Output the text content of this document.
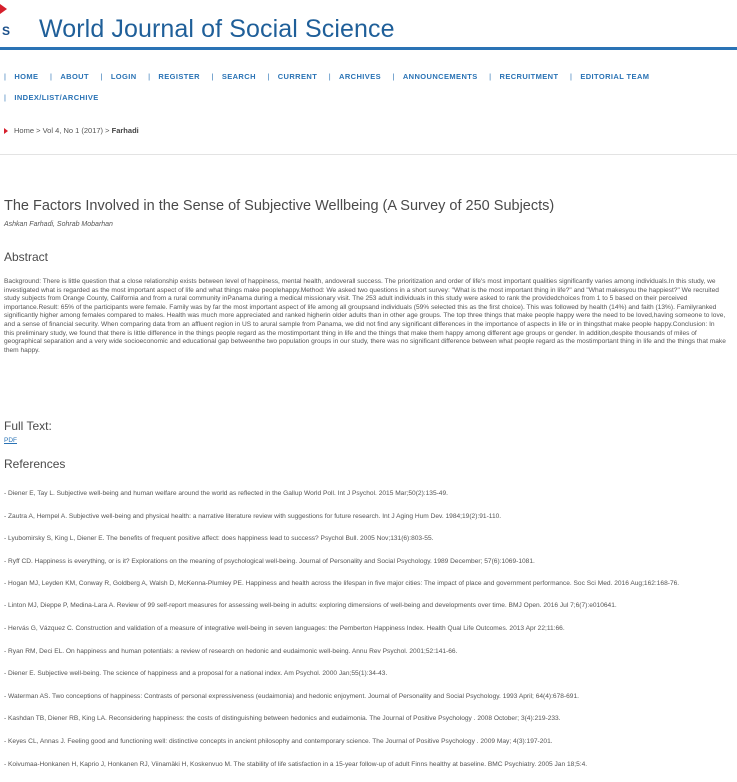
S World Journal of Social Science
| HOME | ABOUT | LOGIN | REGISTER | SEARCH | CURRENT | ARCHIVES | ANNOUNCEMENTS | RECRUITMENT | EDITORIAL TEAM
| INDEX/LIST/ARCHIVE
Home > Vol 4, No 1 (2017) > Farhadi
The Factors Involved in the Sense of Subjective Wellbeing (A Survey of 250 Subjects)
Ashkan Farhadi, Sohrab Mobarhan
Abstract
Background: There is little question that a close relationship exists between level of happiness, mental health, andoverall success. The prioritization and order of life's most important qualities significantly varies among individuals.In this study, we investigated what is regarded as the most important aspect of life and what things make peoplehappy.Method: We asked two questions in a short survey: "What is the most important thing in life?" and "What makesyou the happiest?" We recruited study subjects from Orange County, California and from a rural community inPanama during a medical missionary visit. The 253 adult individuals in this study were asked to rank the providedchoices from 1 to 5 based on their perceived importance.Result: 65% of the participants were female. Family was by far the most important aspect of life among all groupsand individuals (59% selected this as the first choice). This was followed by health (14%) and faith (13%). Familyranked significantly higher among females compared to males. Health was much more appreciated and ranked higherin older adults than in other age groups. The top three things that make people happy were the need to be loved,having someone to love, and a sense of financial security. When comparing data from an affluent region in US to arural sample from Panama, we did not find any significant differences in the importance of aspects in life or in thingsthat make people happy.Conclusion: In this preliminary study, we found that there is little difference in the things people regard as the mostimportant thing in life and the things that make them happy among different age groups or gender. In addition,despite thousands of miles of geographical separation and a very wide socioeconomic and educational gap betweenthe two population groups in our study, there was no significant difference between what people regard as the mostimportant thing in life and the things that make them happy.
Full Text:
PDF
References
- Diener E, Tay L. Subjective well-being and human welfare around the world as reflected in the Gallup World Poll. Int J Psychol. 2015 Mar;50(2):135-49.
- Zautra A, Hempel A. Subjective well-being and physical health: a narrative literature review with suggestions for future research. Int J Aging Hum Dev. 1984;19(2):91-110.
- Lyubomirsky S, King L, Diener E. The benefits of frequent positive affect: does happiness lead to success? Psychol Bull. 2005 Nov;131(6):803-55.
- Ryff CD. Happiness is everything, or is it? Explorations on the meaning of psychological well-being. Journal of Personality and Social Psychology. 1989 December; 57(6):1069-1081.
- Hogan MJ, Leyden KM, Conway R, Goldberg A, Walsh D, McKenna-Plumley PE. Happiness and health across the lifespan in five major cities: The impact of place and government performance. Soc Sci Med. 2016 Aug;162:168-76.
- Linton MJ, Dieppe P, Medina-Lara A. Review of 99 self-report measures for assessing well-being in adults: exploring dimensions of well-being and developments over time. BMJ Open. 2016 Jul 7;6(7):e010641.
- Hervás G, Vázquez C. Construction and validation of a measure of integrative well-being in seven languages: the Pemberton Happiness Index. Health Qual Life Outcomes. 2013 Apr 22;11:66.
- Ryan RM, Deci EL. On happiness and human potentials: a review of research on hedonic and eudaimonic well-being. Annu Rev Psychol. 2001;52:141-66.
- Diener E. Subjective well-being. The science of happiness and a proposal for a national index. Am Psychol. 2000 Jan;55(1):34-43.
- Waterman AS. Two conceptions of happiness: Contrasts of personal expressiveness (eudaimonia) and hedonic enjoyment. Journal of Personality and Social Psychology. 1993 April; 64(4):678-691.
- Kashdan TB, Diener RB, King LA. Reconsidering happiness: the costs of distinguishing between hedonics and eudaimonia. The Journal of Positive Psychology . 2008 October; 3(4):219-233.
- Keyes CL, Annas J. Feeling good and functioning well: distinctive concepts in ancient philosophy and contemporary science. The Journal of Positive Psychology . 2009 May; 4(3):197-201.
- Koivumaa-Honkanen H, Kaprio J, Honkanen RJ, Viinamäki H, Koskenvuo M. The stability of life satisfaction in a 15-year follow-up of adult Finns healthy at baseline. BMC Psychiatry. 2005 Jan 18;5:4.
